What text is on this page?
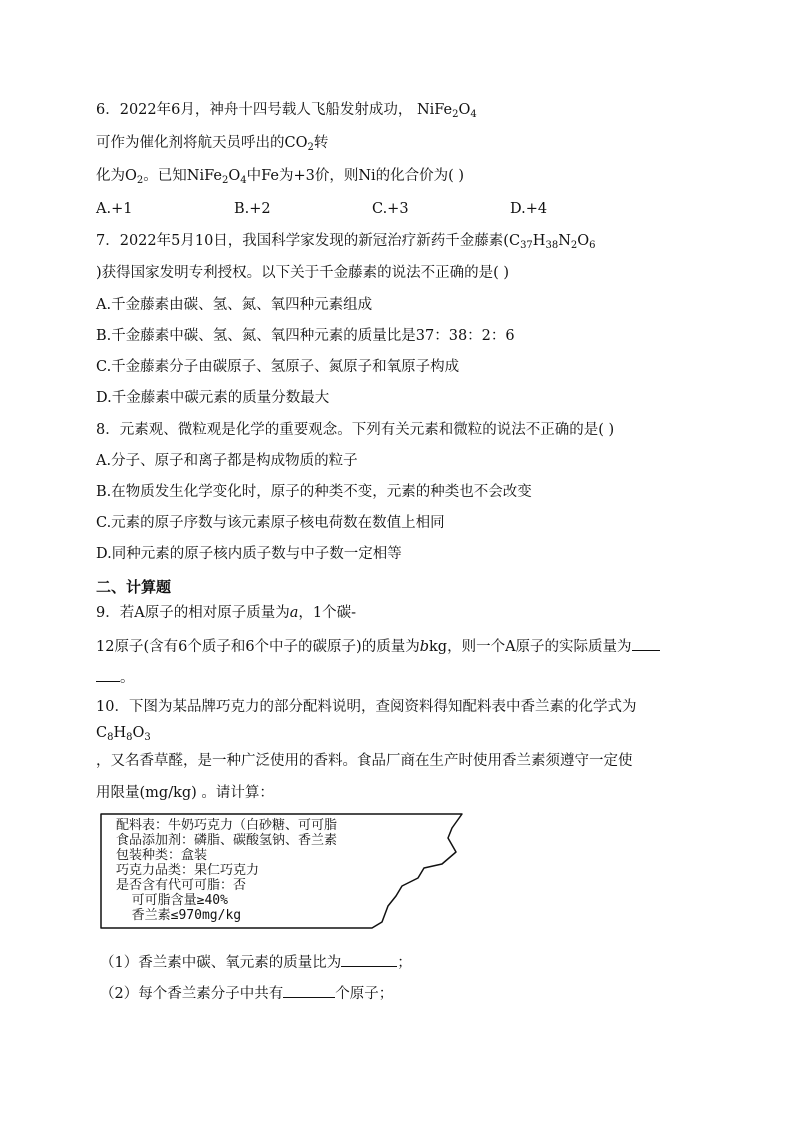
6．2022年6月，神舟十四号载人飞船发射成功， $NiFe_2O_4$
可作为催化剂将航天员呼出的$CO_2$转
化为$O_2$。已知$NiFe_2O_4$中Fe为+3价，则Ni的化合价为( )
A.+1	B.+2	C.+3	D.+4
7．2022年5月10日，我国科学家发现的新冠治疗新药千金藤素($C_{37}H_{38}N_2O_6$
)获得国家发明专利授权。以下关于千金藤素的说法不正确的是( )
A.千金藤素由碳、氢、氮、氧四种元素组成
B.千金藤素中碳、氢、氮、氧四种元素的质量比是37：38：2：6
C.千金藤素分子由碳原子、氢原子、氮原子和氧原子构成
D.千金藤素中碳元素的质量分数最大
8．元素观、微粒观是化学的重要观念。下列有关元素和微粒的说法不正确的是( )
A.分子、原子和离子都是构成物质的粒子
B.在物质发生化学变化时，原子的种类不变，元素的种类也不会改变
C.元素的原子序数与该元素原子核电荷数在数值上相同
D.同种元素的原子核内质子数与中子数一定相等
二、计算题
9．若A原子的相对原子质量为a，1个碳-
12原子(含有6个质子和6个中子的碳原子)的质量为bkg，则一个A原子的实际质量为
。
10．下图为某品牌巧克力的部分配料说明，查阅资料得知配料表中香兰素的化学式为
$C_8H_8O_3$
，又名香草醛，是一种广泛使用的香料。食品厂商在生产时使用香兰素须遵守一定使
用限量(mg/kg) 。请计算：
配料表：牛奶巧克力（白砂糖、可可脂
食品添加剂：磷脂、碳酸氢钠、香兰素
包装种类：盒装
巧克力品类：果仁巧克力
是否含有代可可脂：否
可可脂含量≥40%
香兰素≤970mg/kg
（1）香兰素中碳、氧元素的质量比为	；
（2）每个香兰素分子中共有	个原子；
